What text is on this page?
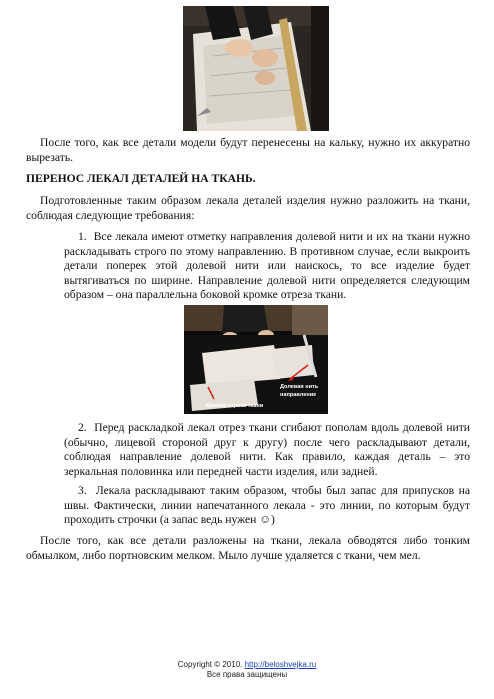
После того, как все детали модели будут перенесены на кальку, нужно их аккуратно вырезать.

ПЕРЕНОС ЛЕКАЛ ДЕТАЛЕЙ НА ТКАНЬ.

Подготовленные таким образом лекала деталей изделия нужно разложить на ткани, соблюдая следующие требования:

1. Все лекала имеют отметку направления долевой нити и их на ткани нужно раскладывать строго по этому направлению. В противном случае, если выкроить детали поперек этой долевой нити или наискось, то все изделие будет вытягиваться по ширине. Направление долевой нити определяется следующим образом – она параллельна боковой кромке отреза ткани.

Долевая нить
направление
Кромка отреза ткани

2. Перед раскладкой лекал отрез ткани сгибают пополам вдоль долевой нити (обычно, лицевой стороной друг к другу) после чего раскладывают детали, соблюдая направление долевой нити. Как правило, каждая деталь – это зеркальная половинка или передней части изделия, или задней.

3. Лекала раскладывают таким образом, чтобы был запас для припусков на швы. Фактически, линии напечатанного лекала - это линии, по которым будут проходить строчки (а запас ведь нужен ☺)

После того, как все детали разложены на ткани, лекала обводятся либо тонким обмылком, либо портновским мелком. Мыло лучше удаляется с ткани, чем мел.

Copyright © 2010. http://beloshvejka.ru
Все права защищены
